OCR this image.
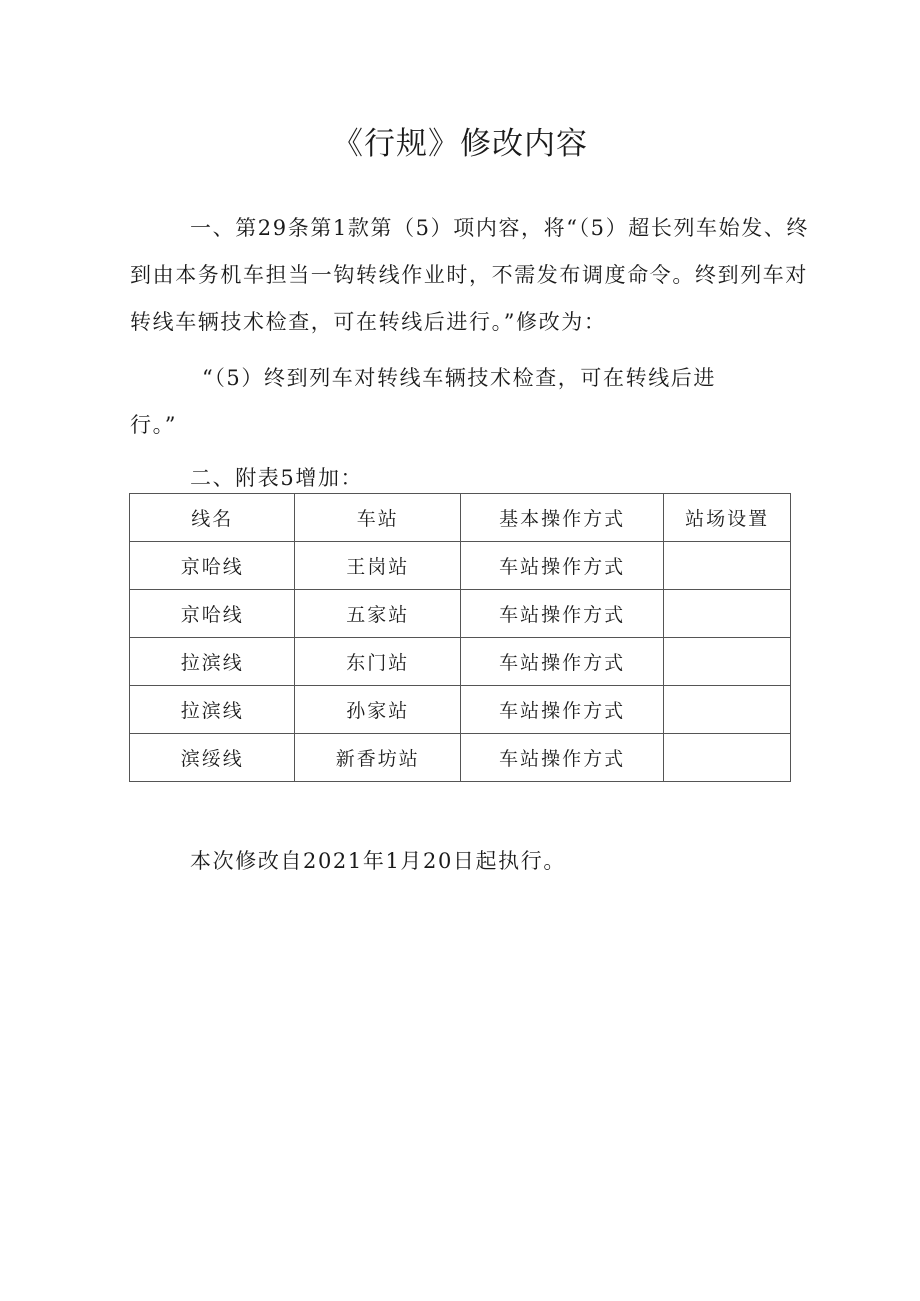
《行规》修改内容
一、第29条第1款第（5）项内容，将“（5）超长列车始发、终到由本务机车担当一钩转线作业时，不需发布调度命令。终到列车对转线车辆技术检查，可在转线后进行。”修改为：
“（5）终到列车对转线车辆技术检查，可在转线后进行。”
二、附表5增加：
线名	车站	基本操作方式	站场设置
京哈线	王岗站	车站操作方式	
京哈线	五家站	车站操作方式	
拉滨线	东门站	车站操作方式	
拉滨线	孙家站	车站操作方式	
滨绥线	新香坊站	车站操作方式	
本次修改自2021年1月20日起执行。
